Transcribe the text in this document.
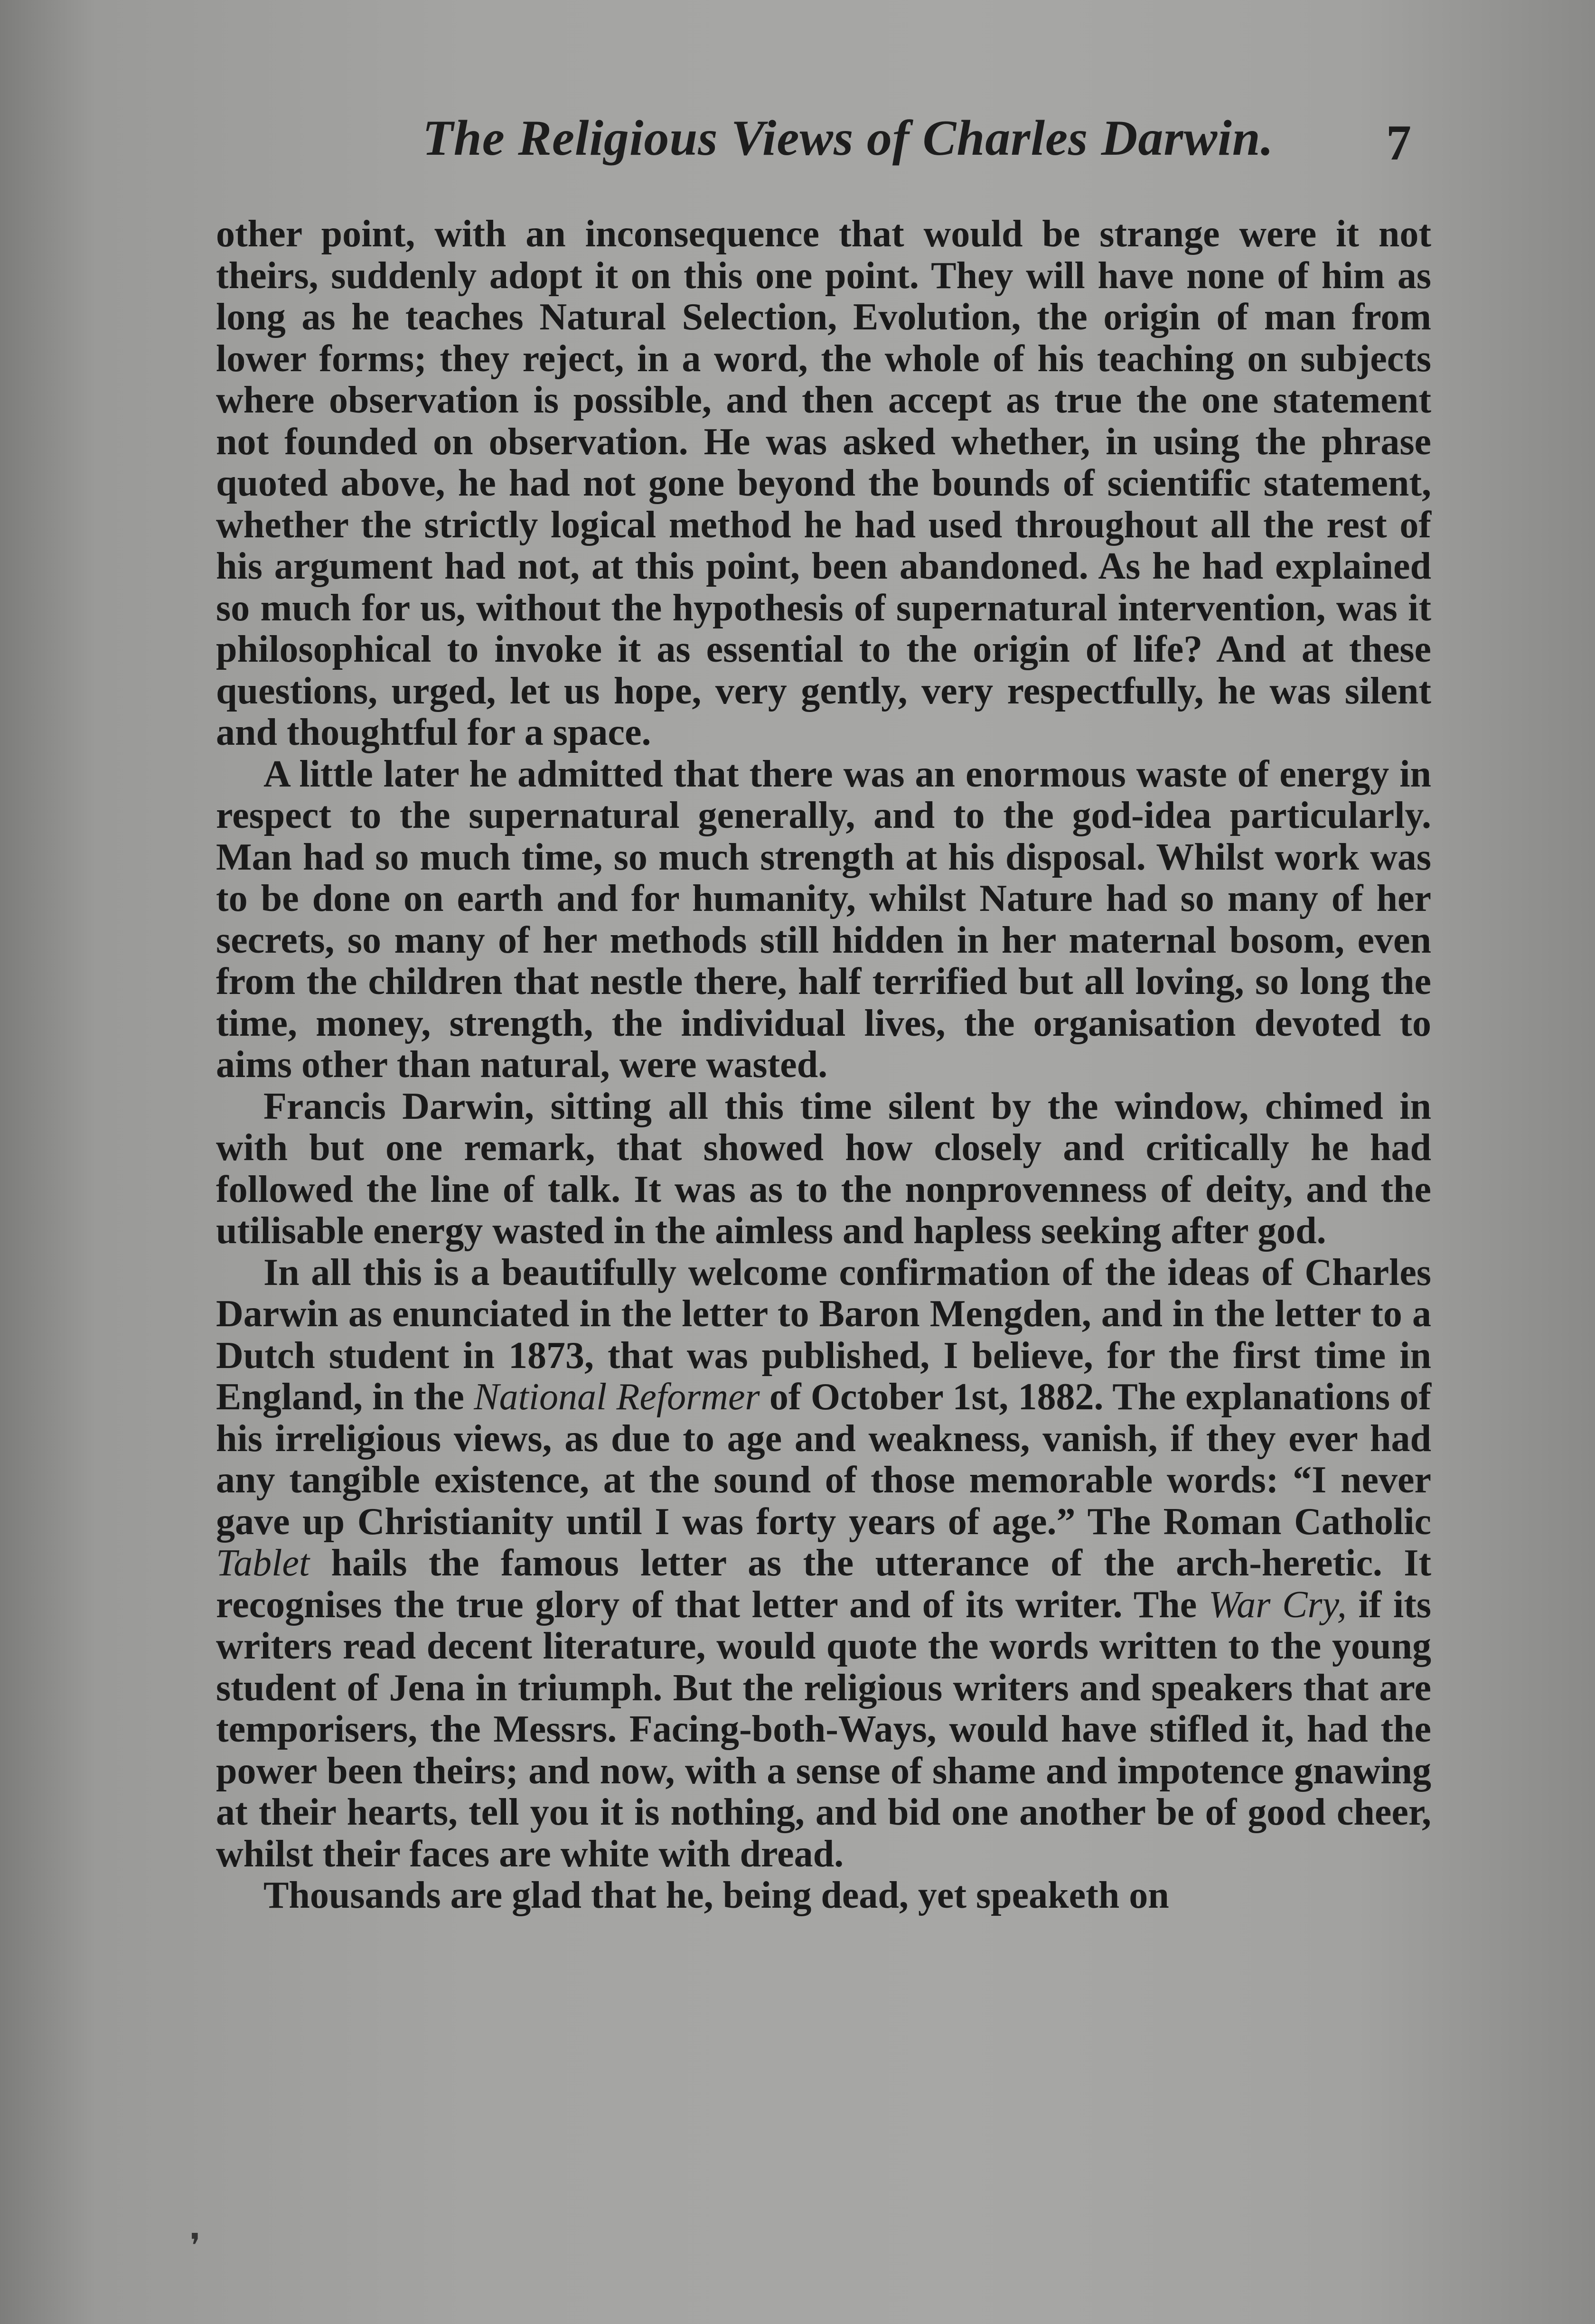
The Religious Views of Charles Darwin. 7

other point, with an inconsequence that would be strange were it not theirs, suddenly adopt it on this one point. They will have none of him as long as he teaches Natural Selection, Evolution, the origin of man from lower forms; they reject, in a word, the whole of his teaching on subjects where observation is possible, and then accept as true the one statement not founded on observation. He was asked whether, in using the phrase quoted above, he had not gone beyond the bounds of scientific statement, whether the strictly logical method he had used throughout all the rest of his argument had not, at this point, been abandoned. As he had explained so much for us, without the hypothesis of supernatural intervention, was it philosophical to invoke it as essential to the origin of life? And at these questions, urged, let us hope, very gently, very respectfully, he was silent and thoughtful for a space.

A little later he admitted that there was an enormous waste of energy in respect to the supernatural generally, and to the god-idea particularly. Man had so much time, so much strength at his disposal. Whilst work was to be done on earth and for humanity, whilst Nature had so many of her secrets, so many of her methods still hidden in her maternal bosom, even from the children that nestle there, half terrified but all loving, so long the time, money, strength, the individual lives, the organisation devoted to aims other than natural, were wasted.

Francis Darwin, sitting all this time silent by the window, chimed in with but one remark, that showed how closely and critically he had followed the line of talk. It was as to the nonprovenness of deity, and the utilisable energy wasted in the aimless and hapless seeking after god.

In all this is a beautifully welcome confirmation of the ideas of Charles Darwin as enunciated in the letter to Baron Mengden, and in the letter to a Dutch student in 1873, that was published, I believe, for the first time in England, in the National Reformer of October 1st, 1882. The explanations of his irreligious views, as due to age and weakness, vanish, if they ever had any tangible existence, at the sound of those memorable words: “I never gave up Christianity until I was forty years of age.” The Roman Catholic Tablet hails the famous letter as the utterance of the arch-heretic. It recognises the true glory of that letter and of its writer. The War Cry, if its writers read decent literature, would quote the words written to the young student of Jena in triumph. But the religious writers and speakers that are temporisers, the Messrs. Facing-both-Ways, would have stifled it, had the power been theirs; and now, with a sense of shame and impotence gnawing at their hearts, tell you it is nothing, and bid one another be of good cheer, whilst their faces are white with dread.

Thousands are glad that he, being dead, yet speaketh on

❜
